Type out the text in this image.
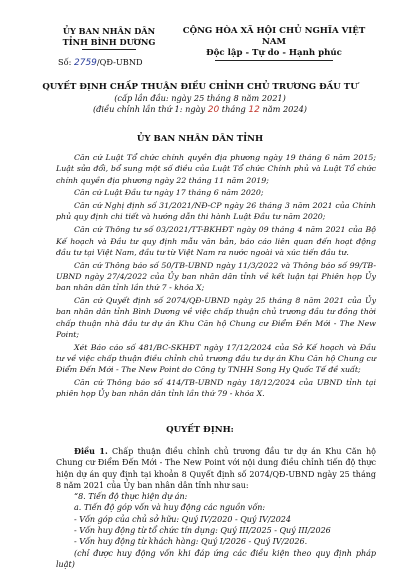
ỦY BAN NHÂN DÂN
TỈNH BÌNH DƯƠNG
CỘNG HÒA XÃ HỘI CHỦ NGHĨA VIỆT NAM
Độc lập - Tự do - Hạnh phúc
Số: 2759/QĐ-UBND
QUYẾT ĐỊNH CHẤP THUẬN ĐIỀU CHỈNH CHỦ TRƯƠNG ĐẦU TƯ
(cấp lần đầu: ngày 25 tháng 8 năm 2021)
(điều chỉnh lần thứ 1: ngày 20 tháng 12 năm 2024)
ỦY BAN NHÂN DÂN TỈNH

Căn cứ Luật Tổ chức chính quyền địa phương ngày 19 tháng 6 năm 2015; Luật sửa đổi, bổ sung một số điều của Luật Tổ chức Chính phủ và Luật Tổ chức chính quyền địa phương ngày 22 tháng 11 năm 2019;

Căn cứ Luật Đầu tư ngày 17 tháng 6 năm 2020;

Căn cứ Nghị định số 31/2021/NĐ-CP ngày 26 tháng 3 năm 2021 của Chính phủ quy định chi tiết và hướng dẫn thi hành Luật Đầu tư năm 2020;

Căn cứ Thông tư số 03/2021/TT-BKHĐT ngày 09 tháng 4 năm 2021 của Bộ Kế hoạch và Đầu tư quy định mẫu văn bản, báo cáo liên quan đến hoạt động đầu tư tại Việt Nam, đầu tư từ Việt Nam ra nước ngoài và xúc tiến đầu tư.

Căn cứ Thông báo số 50/TB-UBND ngày 11/3/2022 và Thông báo số 99/TB-UBND ngày 27/4/2022 của Ủy ban nhân dân tỉnh về kết luận tại Phiên họp Ủy ban nhân dân tỉnh lần thứ 7 - khóa X;

Căn cứ Quyết định số 2074/QĐ-UBND ngày 25 tháng 8 năm 2021 của Ủy ban nhân dân tỉnh Bình Dương về việc chấp thuận chủ trương đầu tư đồng thời chấp thuận nhà đầu tư dự án Khu Căn hộ Chung cư Điểm Đến Mới - The New Point;

Xét Báo cáo số 481/BC-SKHĐT ngày 17/12/2024 của Sở Kế hoạch và Đầu tư về việc chấp thuận điều chỉnh chủ trương đầu tư dự án Khu Căn hộ Chung cư Điểm Đến Mới - The New Point do Công ty TNHH Song Hy Quốc Tế đề xuất;

Căn cứ Thông báo số 414/TB-UBND ngày 18/12/2024 của UBND tỉnh tại phiên họp Ủy ban nhân dân tỉnh lần thứ 79 - khóa X.

QUYẾT ĐỊNH:

Điều 1. Chấp thuận điều chỉnh chủ trương đầu tư dự án Khu Căn hộ Chung cư Điểm Đến Mới - The New Point với nội dung điều chỉnh tiến độ thực hiện dự án quy định tại khoản 8 Quyết định số 2074/QĐ-UBND ngày 25 tháng 8 năm 2021 của Ủy ban nhân dân tỉnh như sau:

“8. Tiến độ thực hiện dự án:

a. Tiến độ góp vốn và huy động các nguồn vốn:

- Vốn góp của chủ sở hữu: Quý IV/2020 - Quý IV/2024

- Vốn huy động từ tổ chức tín dụng: Quý III/2025 - Quý III/2026

- Vốn huy động từ khách hàng: Quý I/2026 - Quý IV/2026.

(chỉ được huy động vốn khi đáp ứng các điều kiện theo quy định pháp luật)
